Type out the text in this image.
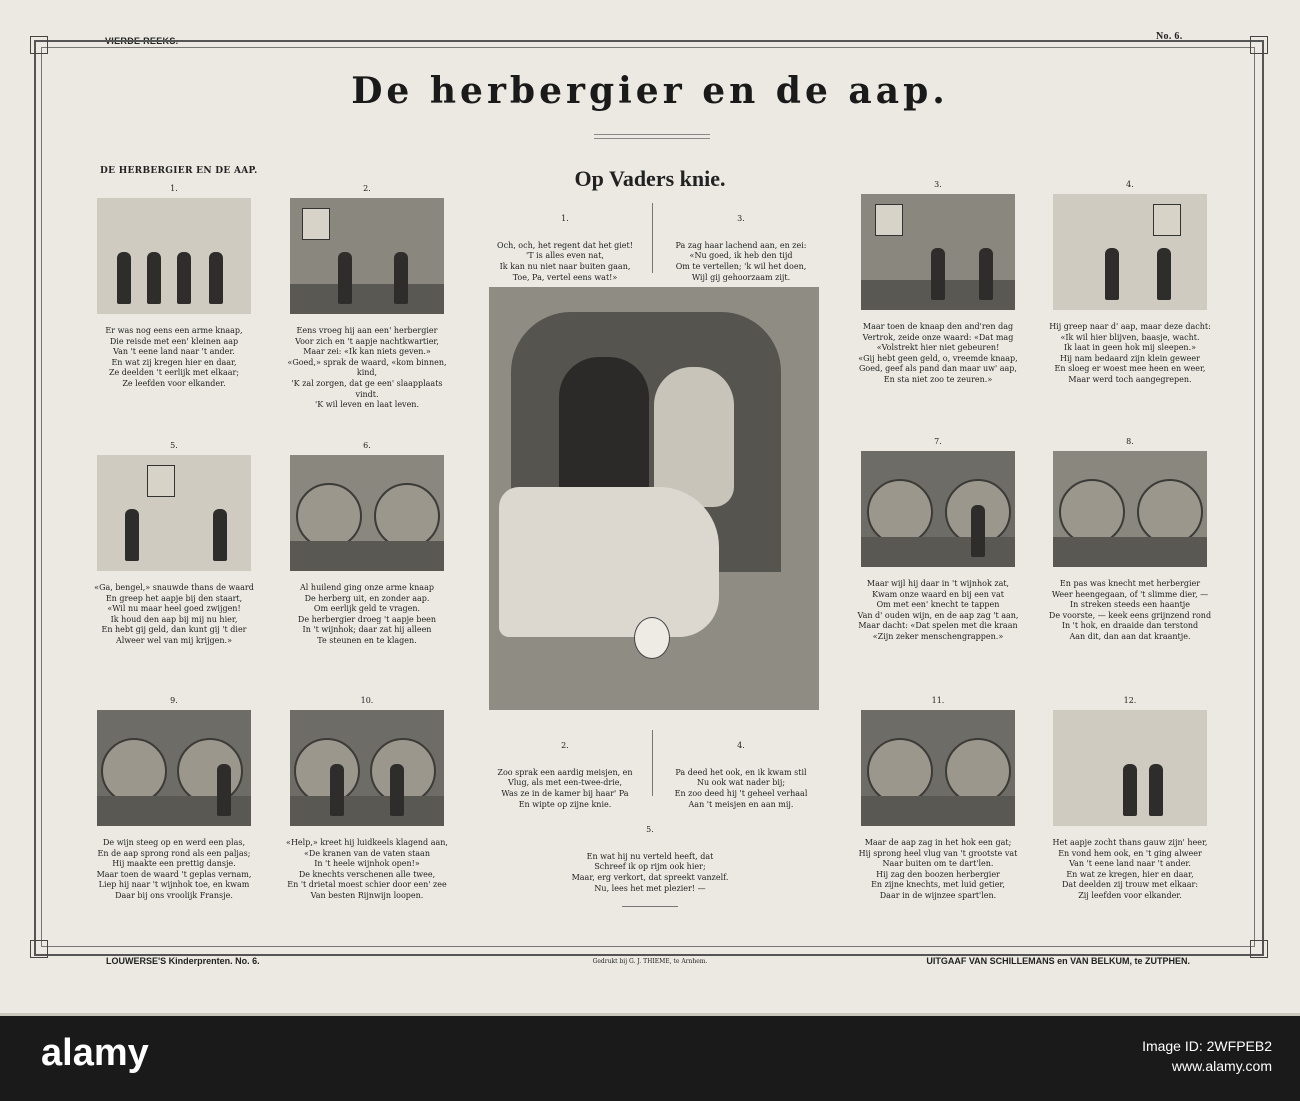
VIERDE REEKS.	No. 6.
De herbergier en de aap.
DE HERBERGIER EN DE AAP.
1.
Er was nog eens een arme knaap,
Die reisde met een' kleinen aap
Van 't eene land naar 't ander.
En wat zij kregen hier en daar,
Ze deelden 't eerlijk met elkaar;
Ze leefden voor elkander.
2.
Eens vroeg hij aan een' herbergier
Voor zich en 't aapje nachtkwartier,
Maar zei: «Ik kan niets geven.»
«Goed,» sprak de waard, «kom binnen, kind,
'K zal zorgen, dat ge een' slaapplaats vindt.
'K wil leven en laat leven.
5.
«Ga, bengel,» snauwde thans de waard
En greep het aapje bij den staart,
«Wil nu maar heel goed zwijgen!
Ik houd den aap bij mij nu hier,
En hebt gij geld, dan kunt gij 't dier
Alweer wel van mij krijgen.»
6.
Al huilend ging onze arme knaap
De herberg uit, en zonder aap.
Om eerlijk geld te vragen.
De herbergier droeg 't aapje been
In 't wijnhok; daar zat hij alleen
Te steunen en te klagen.
9.
De wijn steeg op en werd een plas,
En de aap sprong rond als een paljas;
Hij maakte een prettig dansje.
Maar toen de waard 't geplas vernam,
Liep hij naar 't wijnhok toe, en kwam
Daar bij ons vroolijk Fransje.
10.
«Help,» kreet hij luidkeels klagend aan,
«De kranen van de vaten staan
In 't heele wijnhok open!»
De knechts verschenen alle twee,
En 't drietal moest schier door een' zee
Van besten Rijnwijn loopen.
Op Vaders knie.

1.

Och, och, het regent dat het giet!
'T is alles even nat,
Ik kan nu niet naar buiten gaan,
Toe, Pa, vertel eens wat!»

3.

Pa zag haar lachend aan, en zei:
«Nu goed, ik heb den tijd
Om te vertellen; 'k wil het doen,
Wijl gij gehoorzaam zijt.

2.

Zoo sprak een aardig meisjen, en
Vlug, als met een-twee-drie,
Was ze in de kamer bij haar' Pa
En wipte op zijne knie.

4.

Pa deed het ook, en ik kwam stil
Nu ook wat nader bij;
En zoo deed hij 't geheel verhaal
Aan 't meisjen en aan mij.

5.

En wat hij nu verteld heeft, dat
Schreef ik op rijm ook hier;
Maar, erg verkort, dat spreekt vanzelf.
Nu, lees het met plezier! —

3.
Maar toen de knaap den and'ren dag
Vertrok, zeide onze waard: «Dat mag
«Volstrekt hier niet gebeuren!
«Gij hebt geen geld, o, vreemde knaap,
Goed, geef als pand dan maar uw' aap,
En sta niet zoo te zeuren.»
4.
Hij greep naar d' aap, maar deze dacht:
«Ik wil hier blijven, baasje, wacht.
Ik laat in geen hok mij sleepen.»
Hij nam bedaard zijn klein geweer
En sloeg er woest mee heen en weer,
Maar werd toch aangegrepen.
7.
Maar wijl hij daar in 't wijnhok zat,
Kwam onze waard en bij een vat
Om met een' knecht te tappen
Van d' ouden wijn, en de aap zag 't aan,
Maar dacht: «Dat spelen met die kraan
«Zijn zeker menschengrappen.»
8.
En pas was knecht met herbergier
Weer heengegaan, of 't slimme dier, —
In streken steeds een haantje
De voorste, — keek eens grijnzend rond
In 't hok, en draaide dan terstond
Aan dit, dan aan dat kraantje.
11.
Maar de aap zag in het hok een gat;
Hij sprong heel vlug van 't grootste vat
Naar buiten om te dart'len.
Hij zag den boozen herbergier
En zijne knechts, met luid getier,
Daar in de wijnzee spart'len.
12.
Het aapje zocht thans gauw zijn' heer,
En vond hem ook, en 't ging alweer
Van 't eene land naar 't ander.
En wat ze kregen, hier en daar,
Dat deelden zij trouw met elkaar:
Zij leefden voor elkander.
LOUWERSE'S Kinderprenten. No. 6.	Gedrukt bij G. J. THIEME, te Arnhem.	UITGAAF VAN SCHILLEMANS en VAN BELKUM, te ZUTPHEN.
alamy	Image ID: 2WFPEB2
www.alamy.com
